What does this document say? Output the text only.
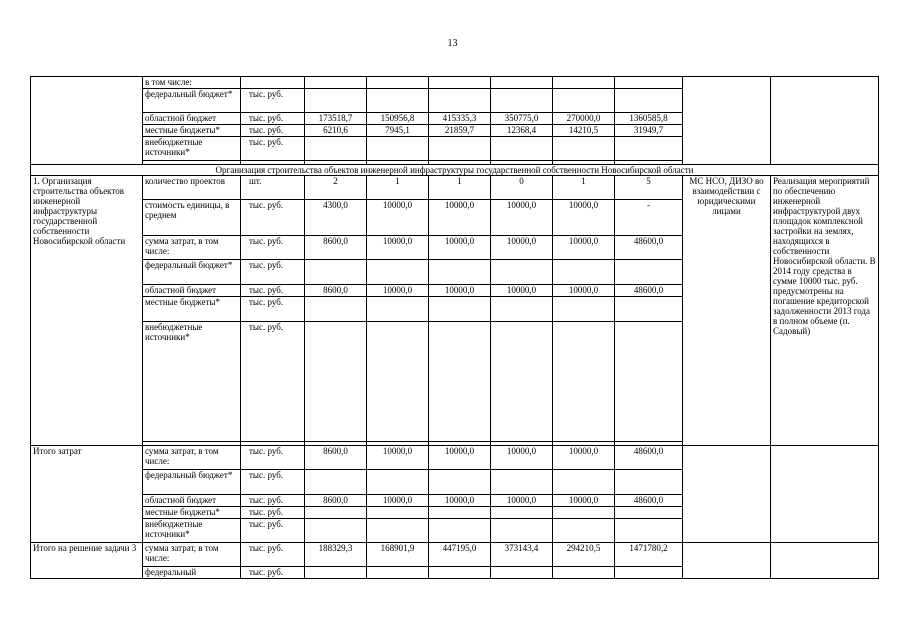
13
	в том числе:									
	федеральный бюджет*	тыс. руб.								
	областной бюджет	тыс. руб.	173518,7	150956,8	415335,3	350775,0	270000,0	1360585,8		
	местные бюджеты*	тыс. руб.	6210,6	7945,1	21859,7	12368,4	14210,5	31949,7		
	внебюджетные источники*	тыс. руб.								

Организация строительства объектов инженерной инфраструктуры государственной собственности Новосибирской области										
1. Организация строительства объектов инженерной инфраструктуры государственной собственности Новосибирской области	количество проектов	шт.	2	1	1	0	1	5	МС НСО, ДИЗО во взаимодействии с юридическими лицами	Реализация мероприятий по обеспечению инженерной инфраструктурой двух площадок комплексной застройки на землях, находящихся в собственности Новосибирской области. В 2014 году средства в сумме 10000 тыс. руб. предусмотрены на погашение кредиторской задолженности 2013 года в полном объеме (п. Садовый)
	стоимость единицы, в среднем	тыс. руб.	4300,0	10000,0	10000,0	10000,0	10000,0	-		
	сумма затрат, в том числе:	тыс. руб.	8600,0	10000,0	10000,0	10000,0	10000,0	48600,0		
	федеральный бюджет*	тыс. руб.								
	областной бюджет	тыс. руб.	8600,0	10000,0	10000,0	10000,0	10000,0	48600,0		
	местные бюджеты*	тыс. руб.								
	внебюджетные источники*	тыс. руб.								

Итого затрат	сумма затрат, в том числе:	тыс. руб.	8600,0	10000,0	10000,0	10000,0	10000,0	48600,0		
	федеральный бюджет*	тыс. руб.								
	областной бюджет	тыс. руб.	8600,0	10000,0	10000,0	10000,0	10000,0	48600,0		
	местные бюджеты*	тыс. руб.								
	внебюджетные источники*	тыс. руб.								
Итого на решение задачи 3	сумма затрат, в том числе:	тыс. руб.	188329,3	168901,9	447195,0	373143,4	294210,5	1471780,2		
	федеральный	тыс. руб.								
